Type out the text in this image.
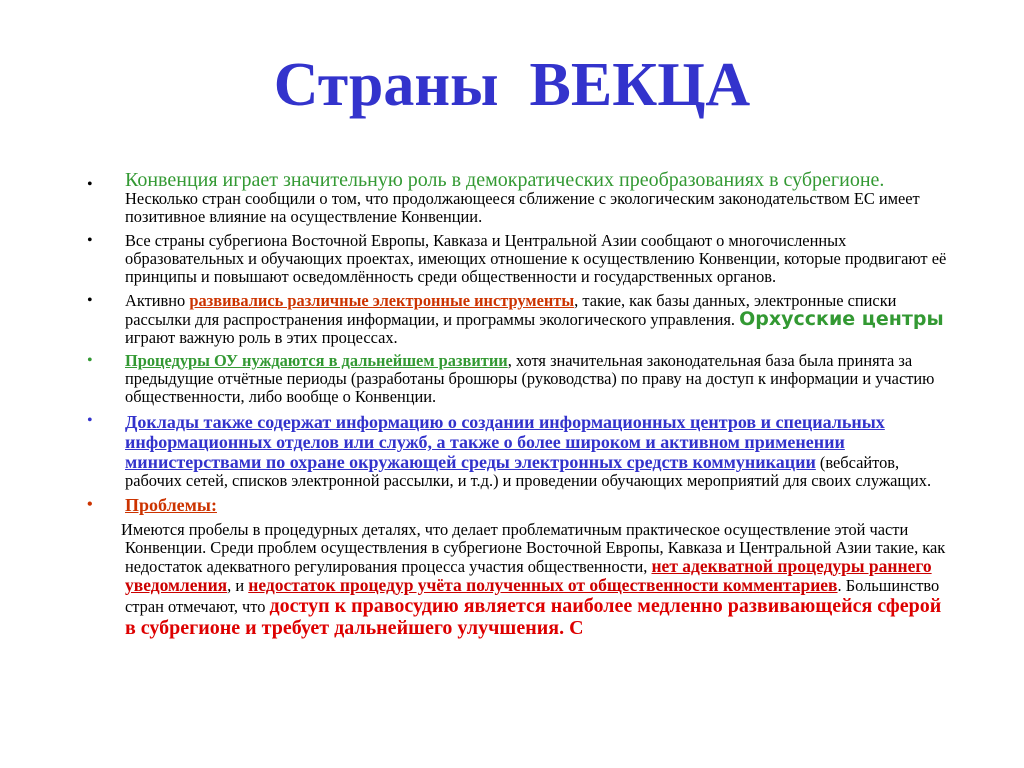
Страны  ВЕКЦА
• Конвенция играет значительную роль в демократических преобразованиях в субрегионе. Несколько стран сообщили о том, что продолжающееся сближение с экологическим законодательством ЕС имеет позитивное влияние на осуществление Конвенции.
• Все страны субрегиона Восточной Европы, Кавказа и Центральной Азии сообщают о многочисленных образовательных и обучающих проектах, имеющих отношение к осуществлению Конвенции, которые продвигают её принципы и повышают осведомлённость среди общественности и государственных органов.
• Активно развивались различные электронные инструменты, такие, как базы данных, электронные списки рассылки для распространения информации, и программы экологического управления. Орхусские центры играют важную роль в этих процессах.
• Процедуры ОУ нуждаются в дальнейшем развитии, хотя значительная законодательная база была принята за предыдущие отчётные периоды (разработаны брошюры (руководства) по праву на доступ к информации и участию общественности, либо вообще о Конвенции.
• Доклады также содержат информацию о создании информационных центров и специальных информационных отделов или служб, а также о более широком и активном применении министерствами по охране окружающей среды электронных средств коммуникации (вебсайтов, рабочих сетей, списков электронной рассылки, и т.д.) и проведении обучающих мероприятий для своих служащих.
• Проблемы:
Имеются пробелы в процедурных деталях, что делает проблематичным практическое осуществление этой части Конвенции. Среди проблем осуществления в субрегионе Восточной Европы, Кавказа и Центральной Азии такие, как недостаток адекватного регулирования процесса участия общественности, нет адекватной процедуры раннего уведомления, и недостаток процедур учёта полученных от общественности комментариев. Большинство стран отмечают, что доступ к правосудию является наиболее медленно развивающейся сферой в субрегионе и требует дальнейшего улучшения. С
